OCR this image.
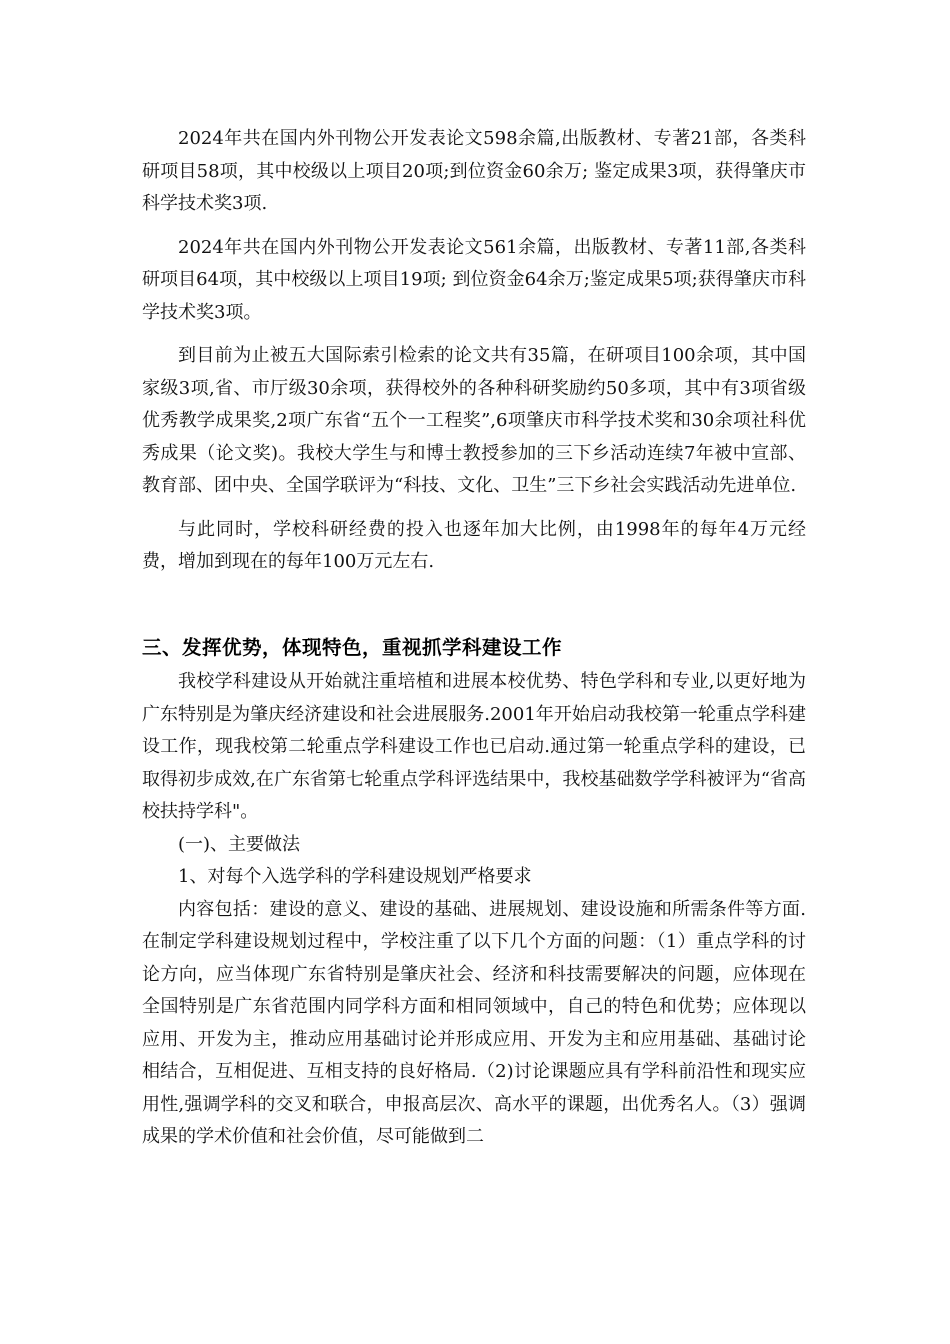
2024年共在国内外刊物公开发表论文598余篇,出版教材、专著21部，各类科研项目58项，其中校级以上项目20项;到位资金60余万; 鉴定成果3项，获得肇庆市科学技术奖3项.

2024年共在国内外刊物公开发表论文561余篇，出版教材、专著11部,各类科研项目64项，其中校级以上项目19项; 到位资金64余万;鉴定成果5项;获得肇庆市科学技术奖3项。

到目前为止被五大国际索引检索的论文共有35篇，在研项目100余项，其中国家级3项,省、市厅级30余项，获得校外的各种科研奖励约50多项，其中有3项省级优秀教学成果奖,2项广东省“五个一工程奖”,6项肇庆市科学技术奖和30余项社科优秀成果（论文奖)。我校大学生与和博士教授参加的三下乡活动连续7年被中宣部、教育部、团中央、全国学联评为“科技、文化、卫生”三下乡社会实践活动先进单位.

与此同时，学校科研经费的投入也逐年加大比例，由1998年的每年4万元经费，增加到现在的每年100万元左右.

三、发挥优势，体现特色，重视抓学科建设工作

我校学科建设从开始就注重培植和进展本校优势、特色学科和专业,以更好地为广东特别是为肇庆经济建设和社会进展服务.2001年开始启动我校第一轮重点学科建设工作，现我校第二轮重点学科建设工作也已启动.通过第一轮重点学科的建设，已取得初步成效,在广东省第七轮重点学科评选结果中，我校基础数学学科被评为“省高校扶持学科"。

(一)、主要做法

1、对每个入选学科的学科建设规划严格要求

内容包括：建设的意义、建设的基础、进展规划、建设设施和所需条件等方面.在制定学科建设规划过程中，学校注重了以下几个方面的问题：（1）重点学科的讨论方向，应当体现广东省特别是肇庆社会、经济和科技需要解决的问题，应体现在全国特别是广东省范围内同学科方面和相同领域中，自己的特色和优势；应体现以应用、开发为主，推动应用基础讨论并形成应用、开发为主和应用基础、基础讨论相结合，互相促进、互相支持的良好格局.（2)讨论课题应具有学科前沿性和现实应用性,强调学科的交叉和联合，申报高层次、高水平的课题，出优秀名人。（3）强调成果的学术价值和社会价值，尽可能做到二
